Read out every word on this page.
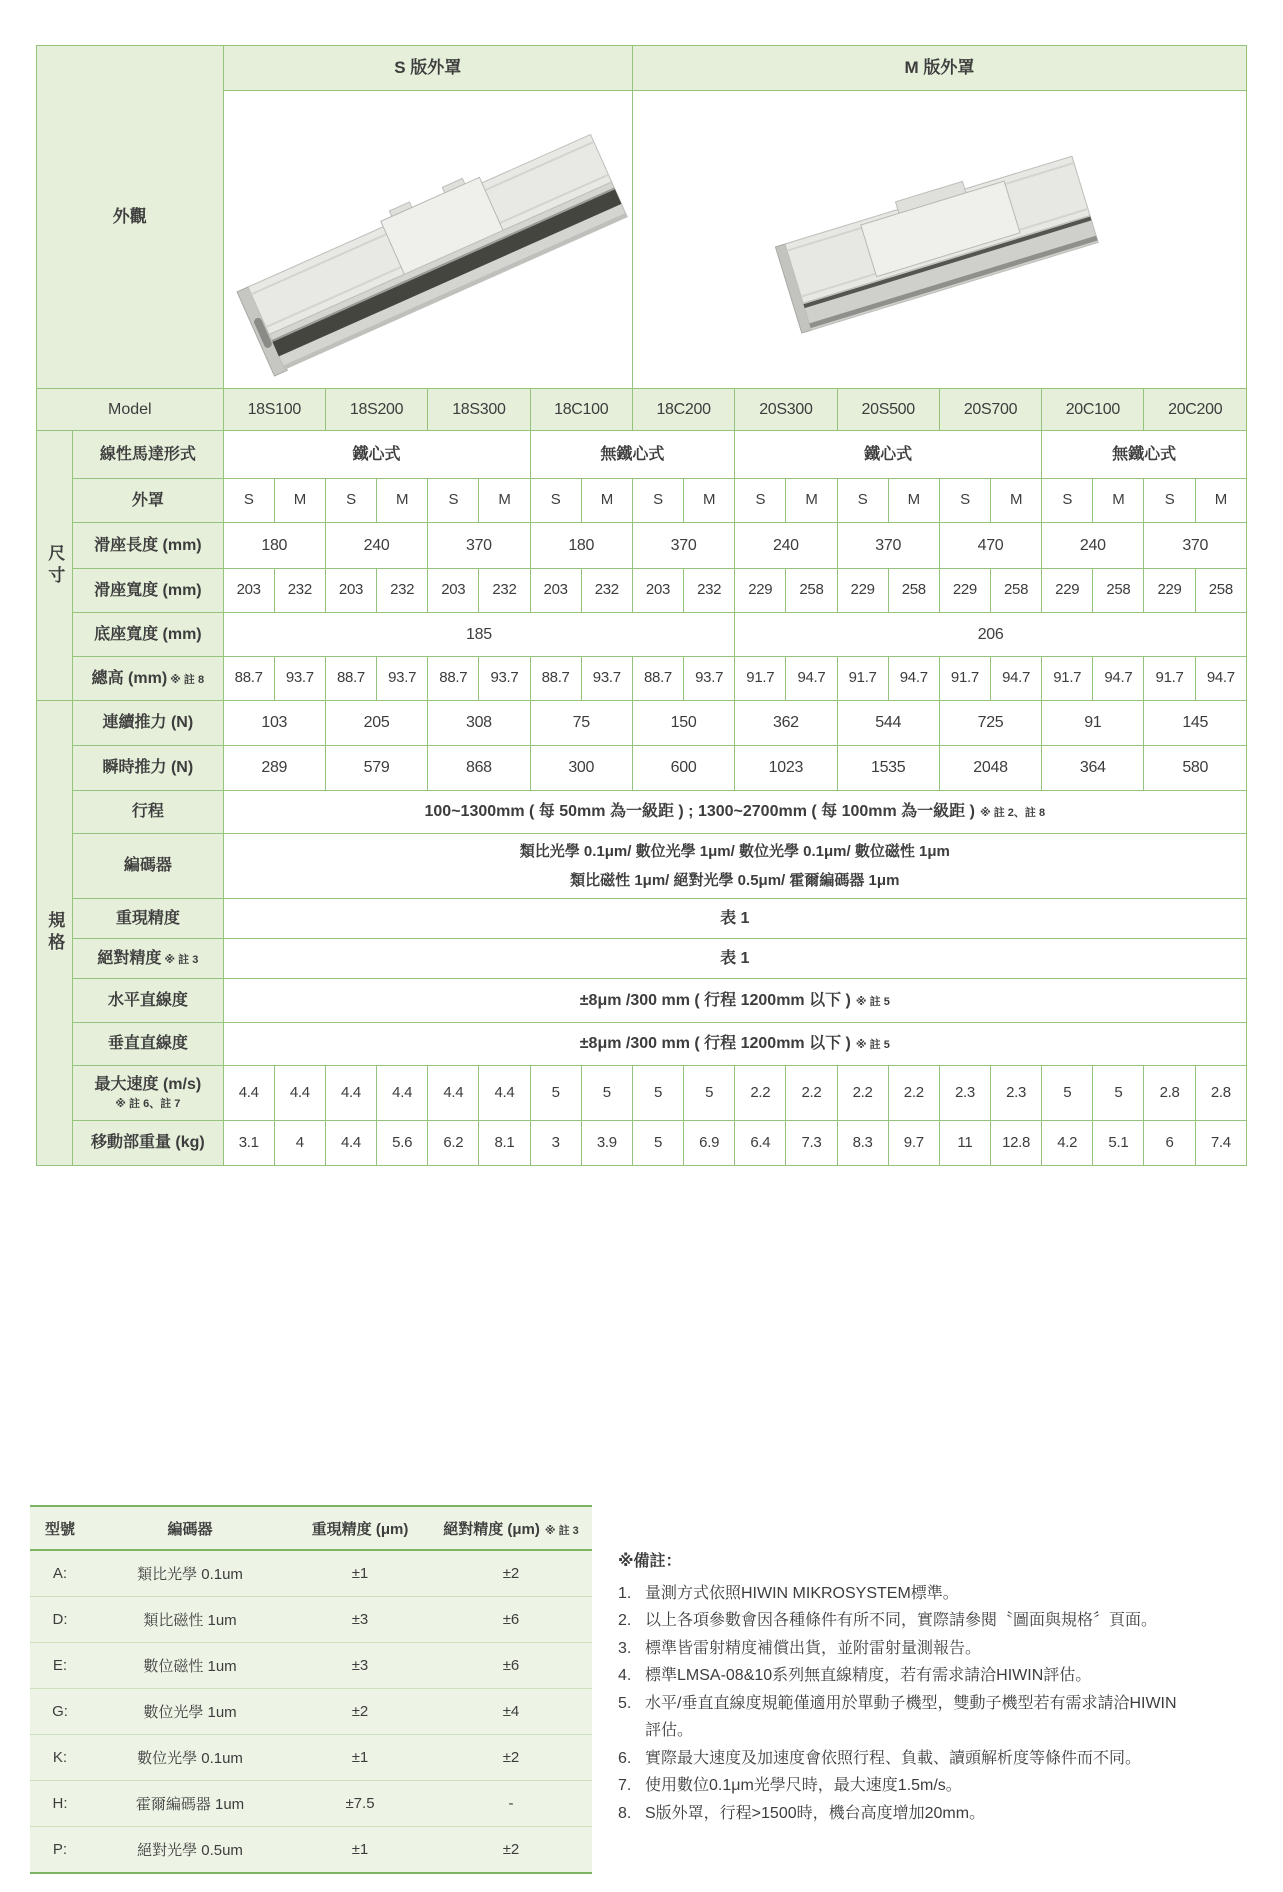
外觀		S 版外罩								M 版外罩											

Model		18S100		18S200		18S300		18C100		18C200		20S300		20S500		20S700		20C100		20C200	
尺寸	線性馬達形式	鐵心式						無鐵心式				鐵心式						無鐵心式			
	外罩	S	M	S	M	S	M	S	M	S	M	S	M	S	M	S	M	S	M	S	M
	滑座長度 (mm)	180		240		370		180		370		240		370		470		240		370	
	滑座寬度 (mm)	203	232	203	232	203	232	203	232	203	232	229	258	229	258	229	258	229	258	229	258
	底座寬度 (mm)	185										206									
	總高 (mm) ※ 註 8	88.7	93.7	88.7	93.7	88.7	93.7	88.7	93.7	88.7	93.7	91.7	94.7	91.7	94.7	91.7	94.7	91.7	94.7	91.7	94.7
規格	連續推力 (N)	103		205		308		75		150		362		544		725		91		145	
	瞬時推力 (N)	289		579		868		300		600		1023		1535		2048		364		580	
	行程	100~1300mm ( 每 50mm 為一級距 ) ; 1300~2700mm ( 每 100mm 為一級距 ) ※ 註 2、註 8																			
	編碼器	類比光學 0.1μm/ 數位光學 1μm/ 數位光學 0.1μm/ 數位磁性 1μm
類比磁性 1μm/ 絕對光學 0.5μm/ 霍爾編碼器 1μm																			

	重現精度	表 1																			
	絕對精度 ※ 註 3	表 1																			
	水平直線度	±8μm /300 mm ( 行程 1200mm 以下 ) ※ 註 5																			
	垂直直線度	±8μm /300 mm ( 行程 1200mm 以下 ) ※ 註 5																			
	最大速度 (m/s)
※ 註 6、註 7	4.4	4.4	4.4	4.4	4.4	4.4	5	5	5	5	2.2	2.2	2.2	2.2	2.3	2.3	5	5	2.8	2.8
	移動部重量 (kg)	3.1	4	4.4	5.6	6.2	8.1	3	3.9	5	6.9	6.4	7.3	8.3	9.7	11	12.8	4.2	5.1	6	7.4
型號	編碼器	重現精度 (μm)	絕對精度 (μm) ※ 註 3
A:	類比光學 0.1um	±1	±2
D:	類比磁性 1um	±3	±6
E:	數位磁性 1um	±3	±6
G:	數位光學 1um	±2	±4
K:	數位光學 0.1um	±1	±2
H:	霍爾編碼器 1um	±7.5	-
P:	絕對光學 0.5um	±1	±2
※備註：
1. 量測方式依照HIWIN MIKROSYSTEM標準。
2. 以上各項參數會因各種條件有所不同，實際請參閱〝圖面與規格〞頁面。
3. 標準皆雷射精度補償出貨，並附雷射量測報告。
4. 標準LMSA-08&10系列無直線精度，若有需求請洽HIWIN評估。
5. 水平/垂直直線度規範僅適用於單動子機型，雙動子機型若有需求請洽HIWIN評估。
6. 實際最大速度及加速度會依照行程、負載、讀頭解析度等條件而不同。
7. 使用數位0.1μm光學尺時，最大速度1.5m/s。
8. S版外罩，行程>1500時，機台高度增加20mm。
